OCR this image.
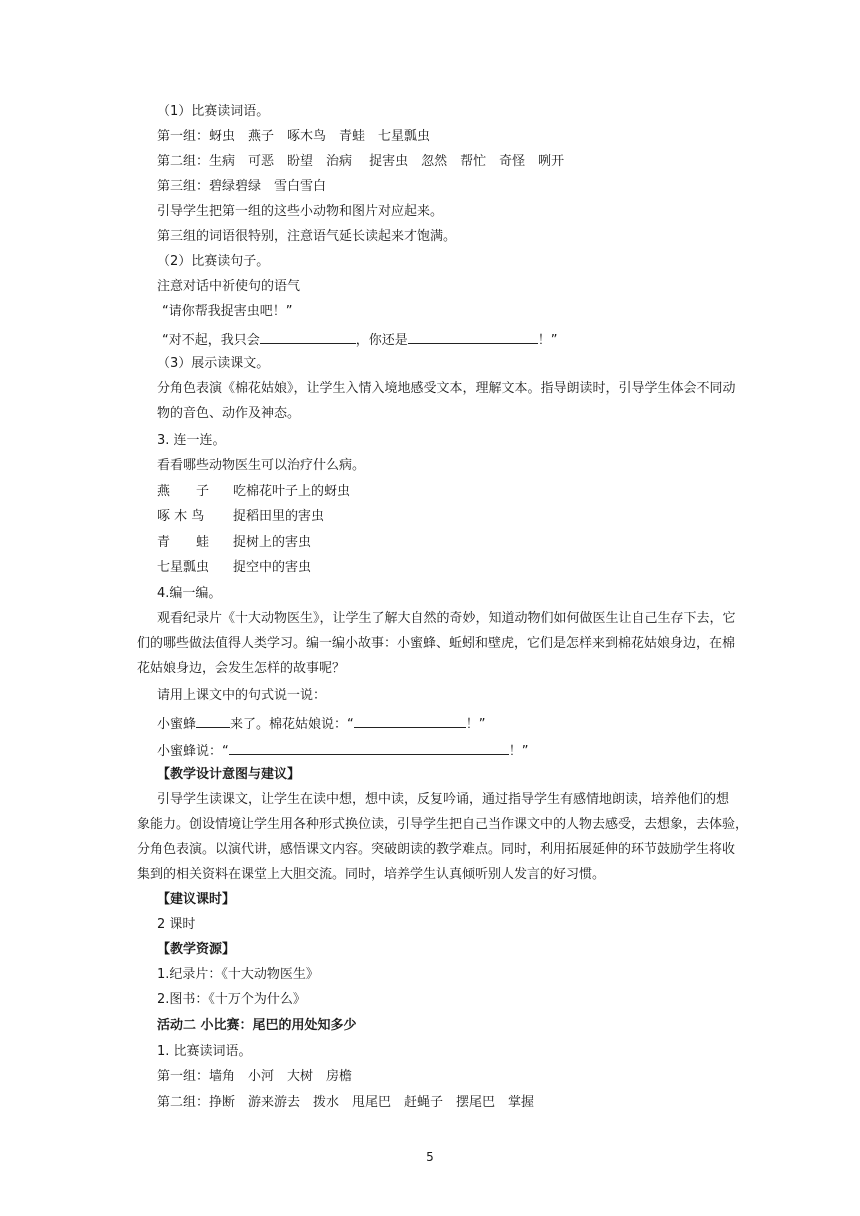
（1）比赛读词语。
第一组：蚜虫　燕子　啄木鸟　青蛙　七星瓢虫
第二组：生病　可恶　盼望　治病　 捉害虫　忽然　帮忙　奇怪　咧开
第三组：碧绿碧绿　雪白雪白
引导学生把第一组的这些小动物和图片对应起来。
第三组的词语很特别，注意语气延长读起来才饱满。
（2）比赛读句子。
注意对话中祈使句的语气
“请你帮我捉害虫吧！”
“对不起，我只会	，你还是	！”
（3）展示读课文。
分角色表演《棉花姑娘》，让学生入情入境地感受文本，理解文本。指导朗读时，引导学生体会不同动
物的音色、动作及神态。
3. 连一连。
看看哪些动物医生可以治疗什么病。
燕　　子 吃棉花叶子上的蚜虫
啄 木 鸟 捉稻田里的害虫
青　　蛙 捉树上的害虫
七星瓢虫 捉空中的害虫
4.编一编。
观看纪录片《十大动物医生》，让学生了解大自然的奇妙，知道动物们如何做医生让自己生存下去，它
们的哪些做法值得人类学习。编一编小故事：小蜜蜂、蚯蚓和壁虎，它们是怎样来到棉花姑娘身边，在棉
花姑娘身边，会发生怎样的故事呢？
请用上课文中的句式说一说：
小蜜蜂	来了。棉花姑娘说：“	！”
小蜜蜂说：“	！”
【教学设计意图与建议】
引导学生读课文，让学生在读中想，想中读，反复吟诵，通过指导学生有感情地朗读，培养他们的想
象能力。创设情境让学生用各种形式换位读，引导学生把自己当作课文中的人物去感受，去想象，去体验，
分角色表演。以演代讲，感悟课文内容。突破朗读的教学难点。同时，利用拓展延伸的环节鼓励学生将收
集到的相关资料在课堂上大胆交流。同时，培养学生认真倾听别人发言的好习惯。
【建议课时】
2 课时
【教学资源】
1.纪录片：《十大动物医生》
2.图书：《十万个为什么》
活动二 小比赛：尾巴的用处知多少
1. 比赛读词语。
第一组：墙角　小河　大树　房檐
第二组：挣断　游来游去　拨水　甩尾巴　赶蝇子　摆尾巴　掌握
5
